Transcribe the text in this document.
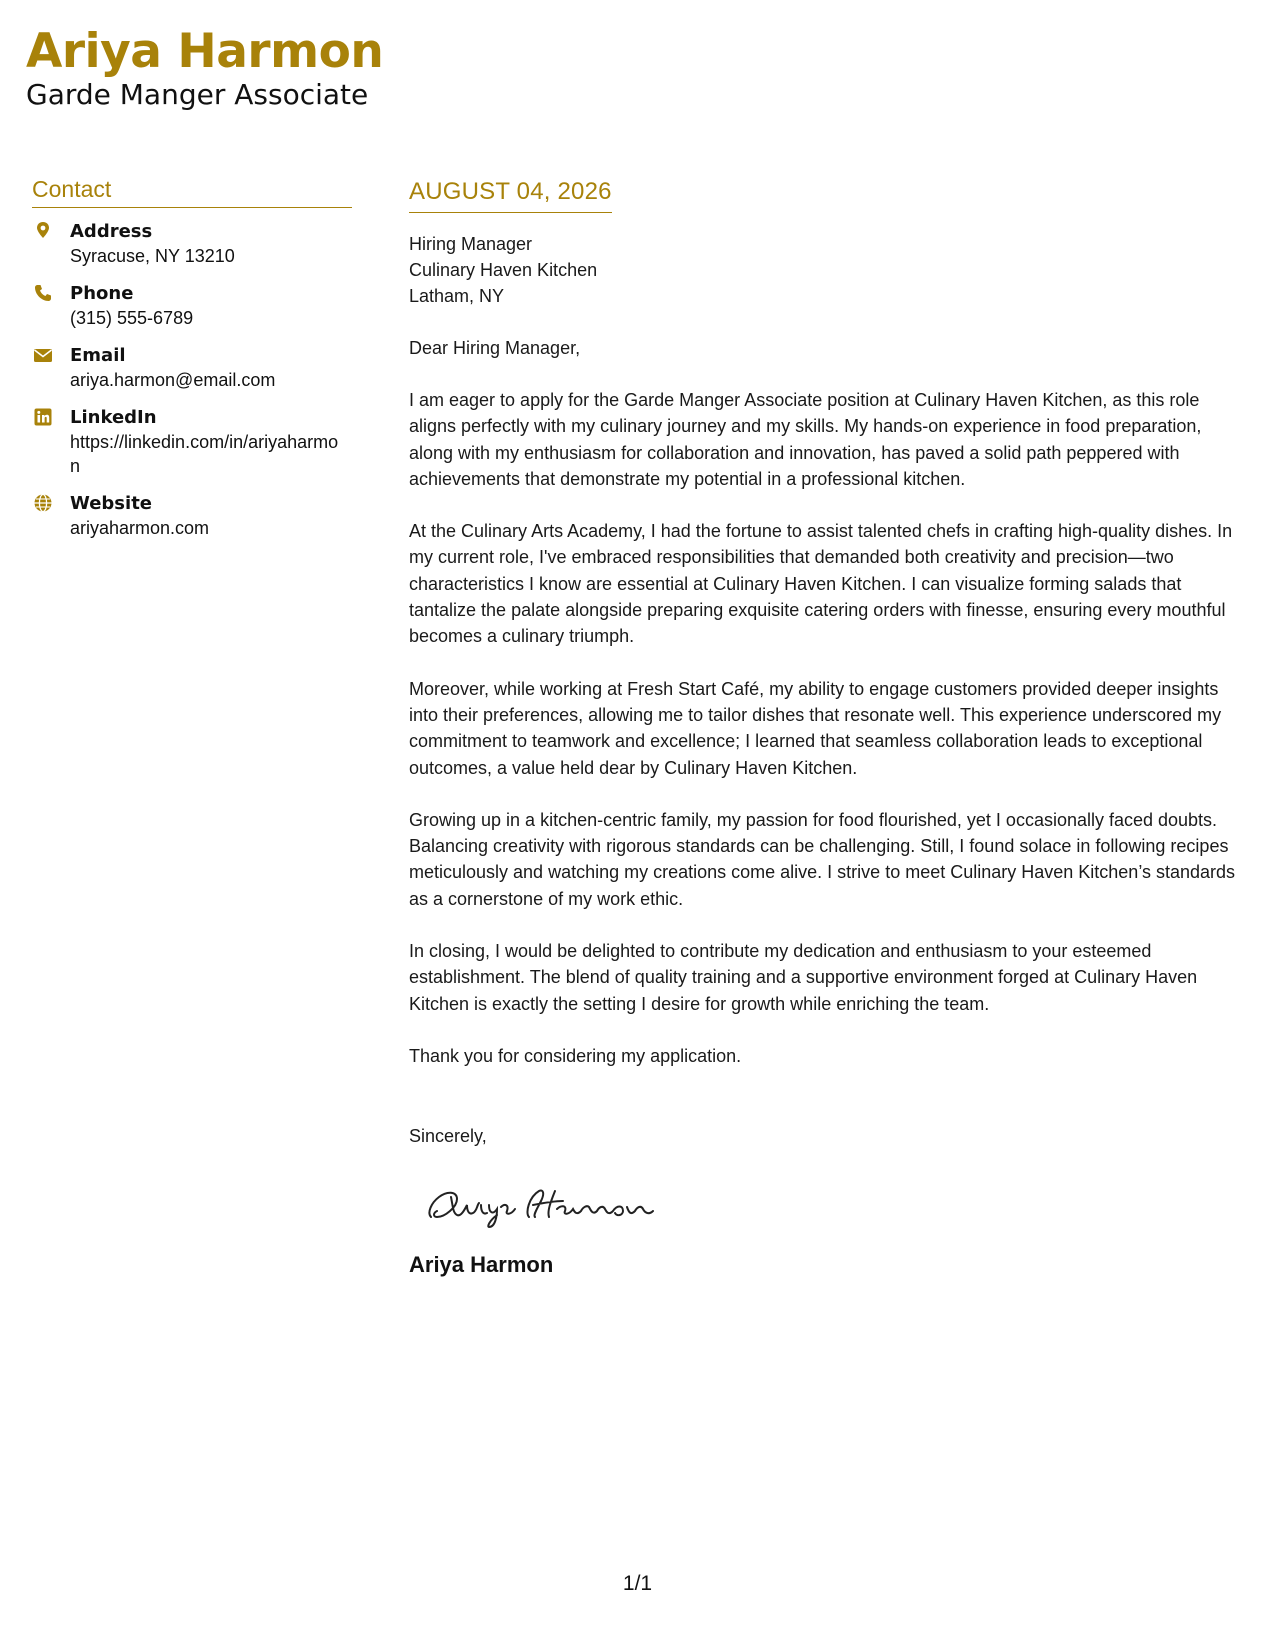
Ariya Harmon
Garde Manger Associate
Contact
Address
Syracuse, NY 13210
Phone
(315) 555-6789
Email
ariya.harmon@email.com
LinkedIn
https://linkedin.com/in/ariyaharmon
Website
ariyaharmon.com
AUGUST 04, 2026
Hiring Manager
Culinary Haven Kitchen
Latham, NY
Dear Hiring Manager,
I am eager to apply for the Garde Manger Associate position at Culinary Haven Kitchen, as this role aligns perfectly with my culinary journey and my skills. My hands-on experience in food preparation, along with my enthusiasm for collaboration and innovation, has paved a solid path peppered with achievements that demonstrate my potential in a professional kitchen.
At the Culinary Arts Academy, I had the fortune to assist talented chefs in crafting high-quality dishes. In my current role, I've embraced responsibilities that demanded both creativity and precision—two characteristics I know are essential at Culinary Haven Kitchen. I can visualize forming salads that tantalize the palate alongside preparing exquisite catering orders with finesse, ensuring every mouthful becomes a culinary triumph.
Moreover, while working at Fresh Start Café, my ability to engage customers provided deeper insights into their preferences, allowing me to tailor dishes that resonate well. This experience underscored my commitment to teamwork and excellence; I learned that seamless collaboration leads to exceptional outcomes, a value held dear by Culinary Haven Kitchen.
Growing up in a kitchen-centric family, my passion for food flourished, yet I occasionally faced doubts. Balancing creativity with rigorous standards can be challenging. Still, I found solace in following recipes meticulously and watching my creations come alive. I strive to meet Culinary Haven Kitchen’s standards as a cornerstone of my work ethic.
In closing, I would be delighted to contribute my dedication and enthusiasm to your esteemed establishment. The blend of quality training and a supportive environment forged at Culinary Haven Kitchen is exactly the setting I desire for growth while enriching the team.
Thank you for considering my application.
Sincerely,
Ariya Harmon
1/1
